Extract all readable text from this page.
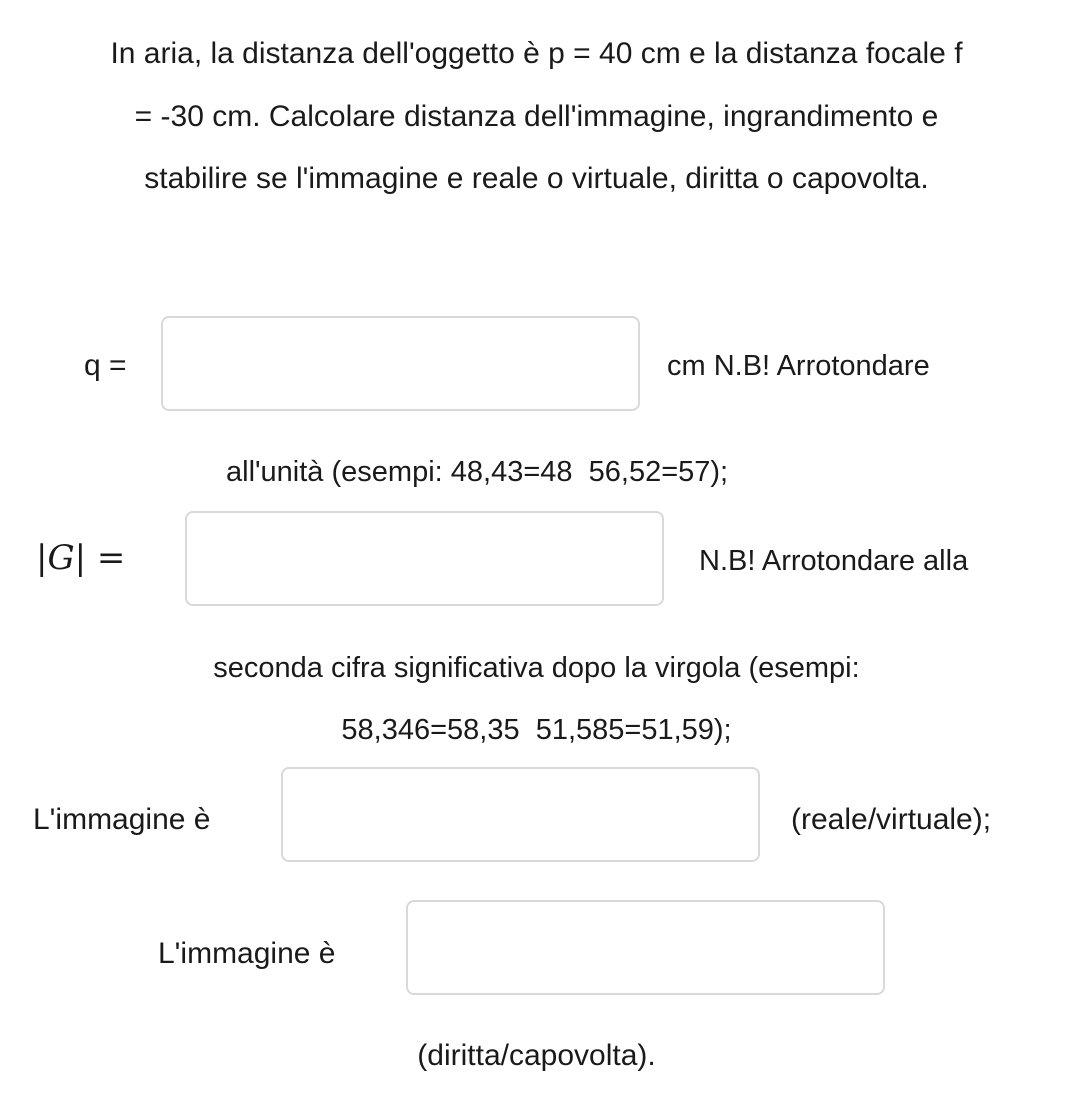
In aria, la distanza dell'oggetto è p = 40 cm e la distanza focale f
= -30 cm. Calcolare distanza dell'immagine, ingrandimento e
stabilire se l'immagine e reale o virtuale, diritta o capovolta.
q =	cm N.B! Arrotondare
all'unità (esempi: 48,43=48  56,52=57);
|G| =	N.B! Arrotondare alla
seconda cifra significativa dopo la virgola (esempi:
58,346=58,35  51,585=51,59);
L'immagine è	(reale/virtuale);
L'immagine è
(diritta/capovolta).
